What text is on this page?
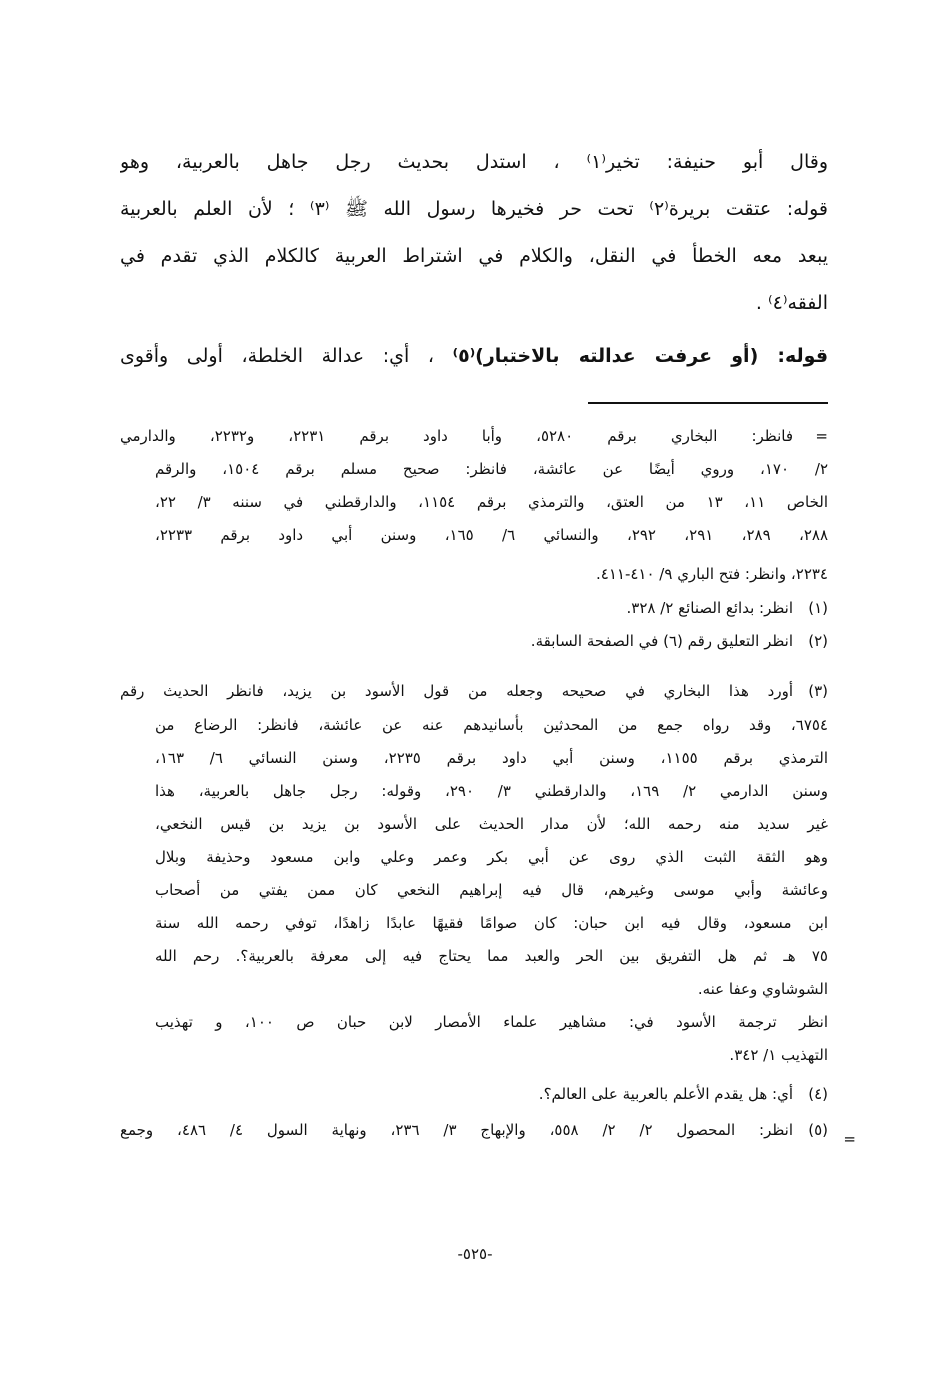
وقال أبو حنيفة: تخير⁽١⁾ ، استدل بحديث رجل جاهل بالعربية، وهو
قوله: عتقت بريرة⁽٢⁾ تحت حر فخيرها رسول الله ﷺ ⁽٣⁾ ؛ لأن العلم بالعربية
يبعد معه الخطأ في النقل، والكلام في اشتراط العربية كالكلام الذي تقدم في
الفقه⁽٤⁾ .
قوله: (أو عرفت عدالته بالاختبار)⁽٥⁾ ، أي: عدالة الخلطة، أولى وأقوى
=
فانظر: البخاري برقم ٥٢٨٠، وأبا داود برقم ٢٢٣١، و٢٢٣٢، والدارمي
٢/ ١٧٠، وروي أيضًا عن عائشة، فانظر: صحيح مسلم برقم ١٥٠٤، والرقم
الخاص ١١، ١٣ من العتق، والترمذي برقم ١١٥٤، والدارقطني في سننه ٣/ ٢٢،
٢٨٨، ٢٨٩، ٢٩١، ٢٩٢، والنسائي ٦/ ١٦٥، وسنن أبي داود برقم ٢٢٣٣،
٢٢٣٤، وانظر: فتح الباري ٩/ ٤١٠-٤١١.
(١)
انظر: بدائع الصنائع ٢/ ٣٢٨.
(٢)
انظر التعليق رقم (٦) في الصفحة السابقة.
(٣)
أورد هذا البخاري في صحيحه وجعله من قول الأسود بن يزيد، فانظر الحديث رقم
٦٧٥٤، وقد رواه جمع من المحدثين بأسانيدهم عنه عن عائشة، فانظر: الرضاع من
الترمذي برقم ١١٥٥، وسنن أبي داود برقم ٢٢٣٥، وسنن النسائي ٦/ ١٦٣،
وسنن الدارمي ٢/ ١٦٩، والدارقطني ٣/ ٢٩٠، وقوله: رجل جاهل بالعربية، هذا
غير سديد منه رحمه الله؛ لأن مدار الحديث على الأسود بن يزيد بن قيس النخعي،
وهو الثقة الثبت الذي روى عن أبي بكر وعمر وعلي وابن مسعود وحذيفة وبلال
وعائشة وأبي موسى وغيرهم، قال فيه إبراهيم النخعي كان ممن يفتي من أصحاب
ابن مسعود، وقال فيه ابن حبان: كان صوامًا فقيهًا عابدًا زاهدًا، توفي رحمه الله سنة
٧٥ هـ ثم هل التفريق بين الحر والعبد مما يحتاج فيه إلى معرفة بالعربية؟. رحم الله
الشوشاوي وعفا عنه.
انظر ترجمة الأسود في: مشاهير علماء الأمصار لابن حبان ص ١٠٠، و تهذيب
التهذيب ١/ ٣٤٢.
(٤)
أي: هل يقدم الأعلم بالعربية على العالم؟.
(٥)
انظر: المحصول ٢/ ٢/ ٥٥٨، والإبهاج ٣/ ٢٣٦، ونهاية السول ٤/ ٤٨٦، وجمع	=
-٥٢٥-
